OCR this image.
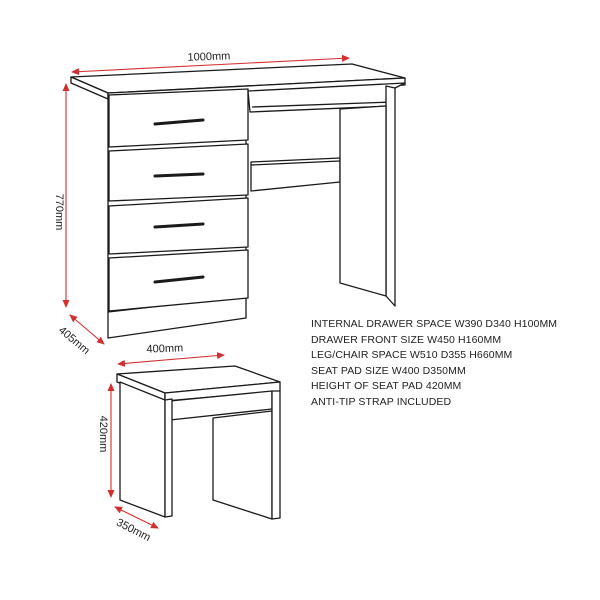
1000mm
770mm
405mm	400mm
420mm
350mm
INTERNAL DRAWER SPACE W390 D340 H100MM
DRAWER FRONT SIZE W450 H160MM
LEG/CHAIR SPACE W510 D355 H660MM
SEAT PAD SIZE W400 D350MM
HEIGHT OF SEAT PAD 420MM
ANTI-TIP STRAP INCLUDED
